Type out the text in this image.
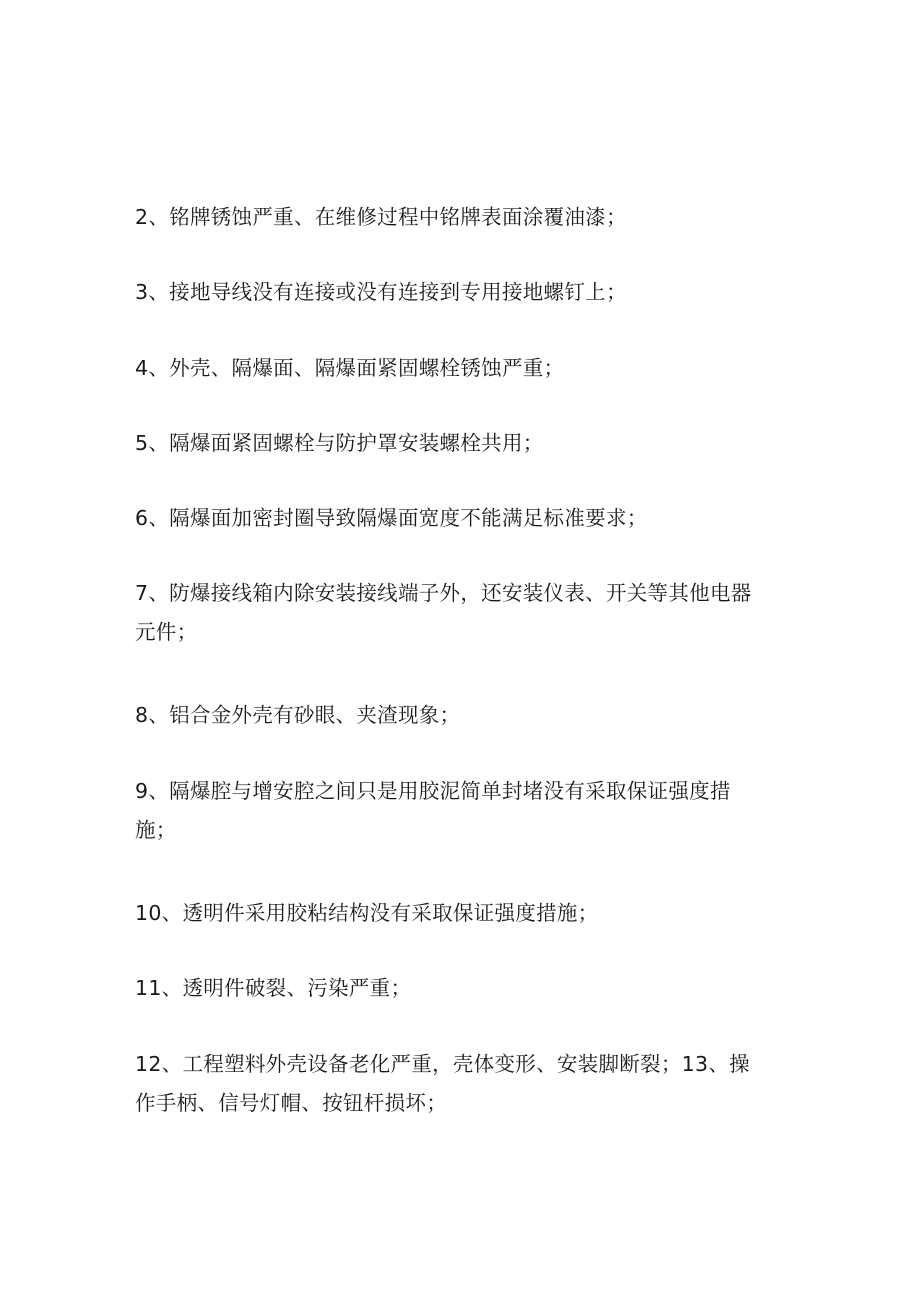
2、铭牌锈蚀严重、在维修过程中铭牌表面涂覆油漆；

3、接地导线没有连接或没有连接到专用接地螺钉上；

4、外壳、隔爆面、隔爆面紧固螺栓锈蚀严重；

5、隔爆面紧固螺栓与防护罩安装螺栓共用；

6、隔爆面加密封圈导致隔爆面宽度不能满足标准要求；

7、防爆接线箱内除安装接线端子外，还安装仪表、开关等其他电器
元件；

8、铝合金外壳有砂眼、夹渣现象；

9、隔爆腔与增安腔之间只是用胶泥简单封堵没有采取保证强度措
施；

10、透明件采用胶粘结构没有采取保证强度措施；

11、透明件破裂、污染严重；

12、工程塑料外壳设备老化严重，壳体变形、安装脚断裂；13、操
作手柄、信号灯帽、按钮杆损坏；
